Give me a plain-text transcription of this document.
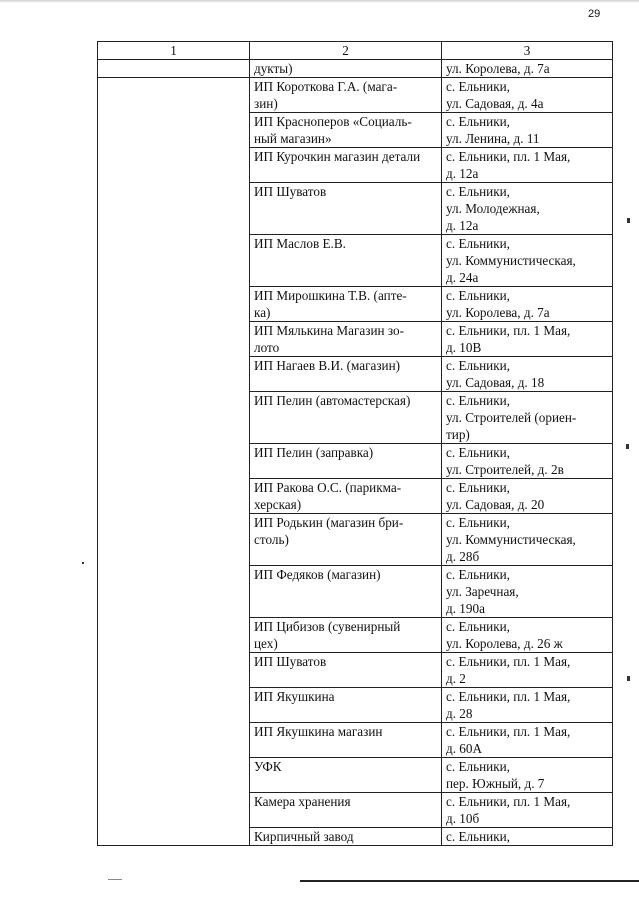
29
1	2	3
	дукты)	ул. Королева, д. 7а
	ИП Короткова Г.А. (мага-
зин)	с. Ельники,
ул. Садовая, д. 4а
	ИП Красноперов «Социаль-
ный магазин»	с. Ельники,
ул. Ленина, д. 11
	ИП Курочкин магазин детали	с. Ельники, пл. 1 Мая,
д. 12а
	ИП Шуватов	с. Ельники,
ул. Молодежная,
д. 12а
	ИП Маслов Е.В.	с. Ельники,
ул. Коммунистическая,
д. 24а
	ИП Мирошкина Т.В. (апте-
ка)	с. Ельники,
ул. Королева, д. 7а
	ИП Мялькина Магазин зо-
лото	с. Ельники, пл. 1 Мая,
д. 10В
	ИП Нагаев В.И. (магазин)	с. Ельники,
ул. Садовая, д. 18
	ИП Пелин (автомастерская)	с. Ельники,
ул. Строителей (ориен-
тир)
	ИП Пелин (заправка)	с. Ельники,
ул. Строителей, д. 2в
	ИП Ракова О.С. (парикма-
херская)	с. Ельники,
ул. Садовая, д. 20
	ИП Родькин (магазин бри-
столь)	с. Ельники,
ул. Коммунистическая,
д. 28б
	ИП Федяков (магазин)	с. Ельники,
ул. Заречная,
д. 190а
	ИП Цибизов (сувенирный
цех)	с. Ельники,
ул. Королева, д. 26 ж
	ИП Шуватов	с. Ельники, пл. 1 Мая,
д. 2
	ИП Якушкина	с. Ельники, пл. 1 Мая,
д. 28
	ИП Якушкина магазин	с. Ельники, пл. 1 Мая,
д. 60А
	УФК	с. Ельники,
пер. Южный, д. 7
	Камера хранения	с. Ельники, пл. 1 Мая,
д. 10б
	Кирпичный завод	с. Ельники,
